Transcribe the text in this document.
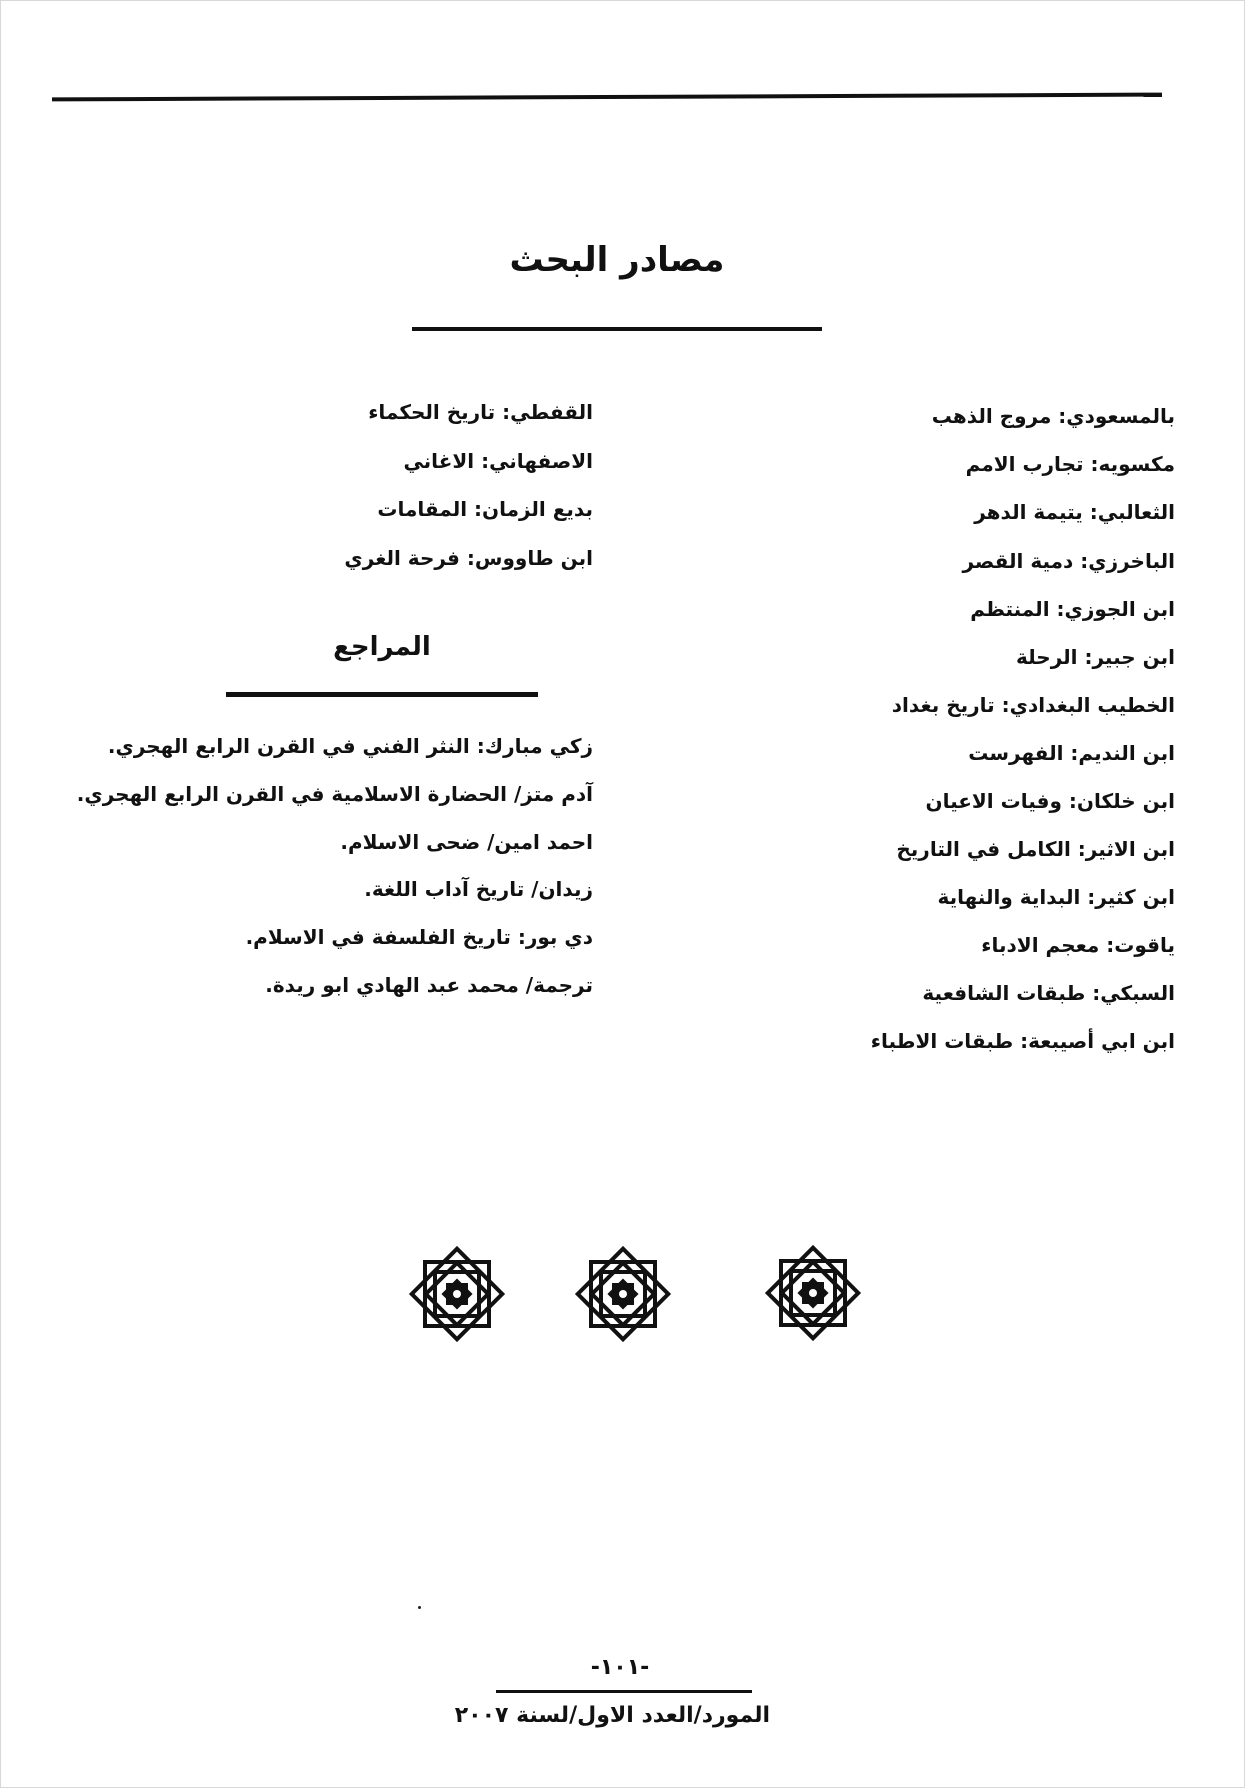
مصادر البحث
بالمسعودي: مروج الذهب
مكسويه: تجارب الامم
الثعالبي: يتيمة الدهر
الباخرزي: دمية القصر
ابن الجوزي: المنتظم
ابن جبير: الرحلة
الخطيب البغدادي: تاريخ بغداد
ابن النديم: الفهرست
ابن خلكان: وفيات الاعيان
ابن الاثير: الكامل في التاريخ
ابن كثير: البداية والنهاية
ياقوت: معجم الادباء
السبكي: طبقات الشافعية
ابن ابي أصيبعة: طبقات الاطباء
القفطي: تاريخ الحكماء
الاصفهاني: الاغاني
بديع الزمان: المقامات
ابن طاووس: فرحة الغري
المراجع
زكي مبارك: النثر الفني في القرن الرابع الهجري.
آدم متز/ الحضارة الاسلامية في القرن الرابع الهجري.
احمد امين/ ضحى الاسلام.
زيدان/ تاريخ آداب اللغة.
دي بور: تاريخ الفلسفة في الاسلام.
ترجمة/ محمد عبد الهادي ابو ريدة.
-١٠١-
المورد/العدد الاول/لسنة ٢٠٠٧
